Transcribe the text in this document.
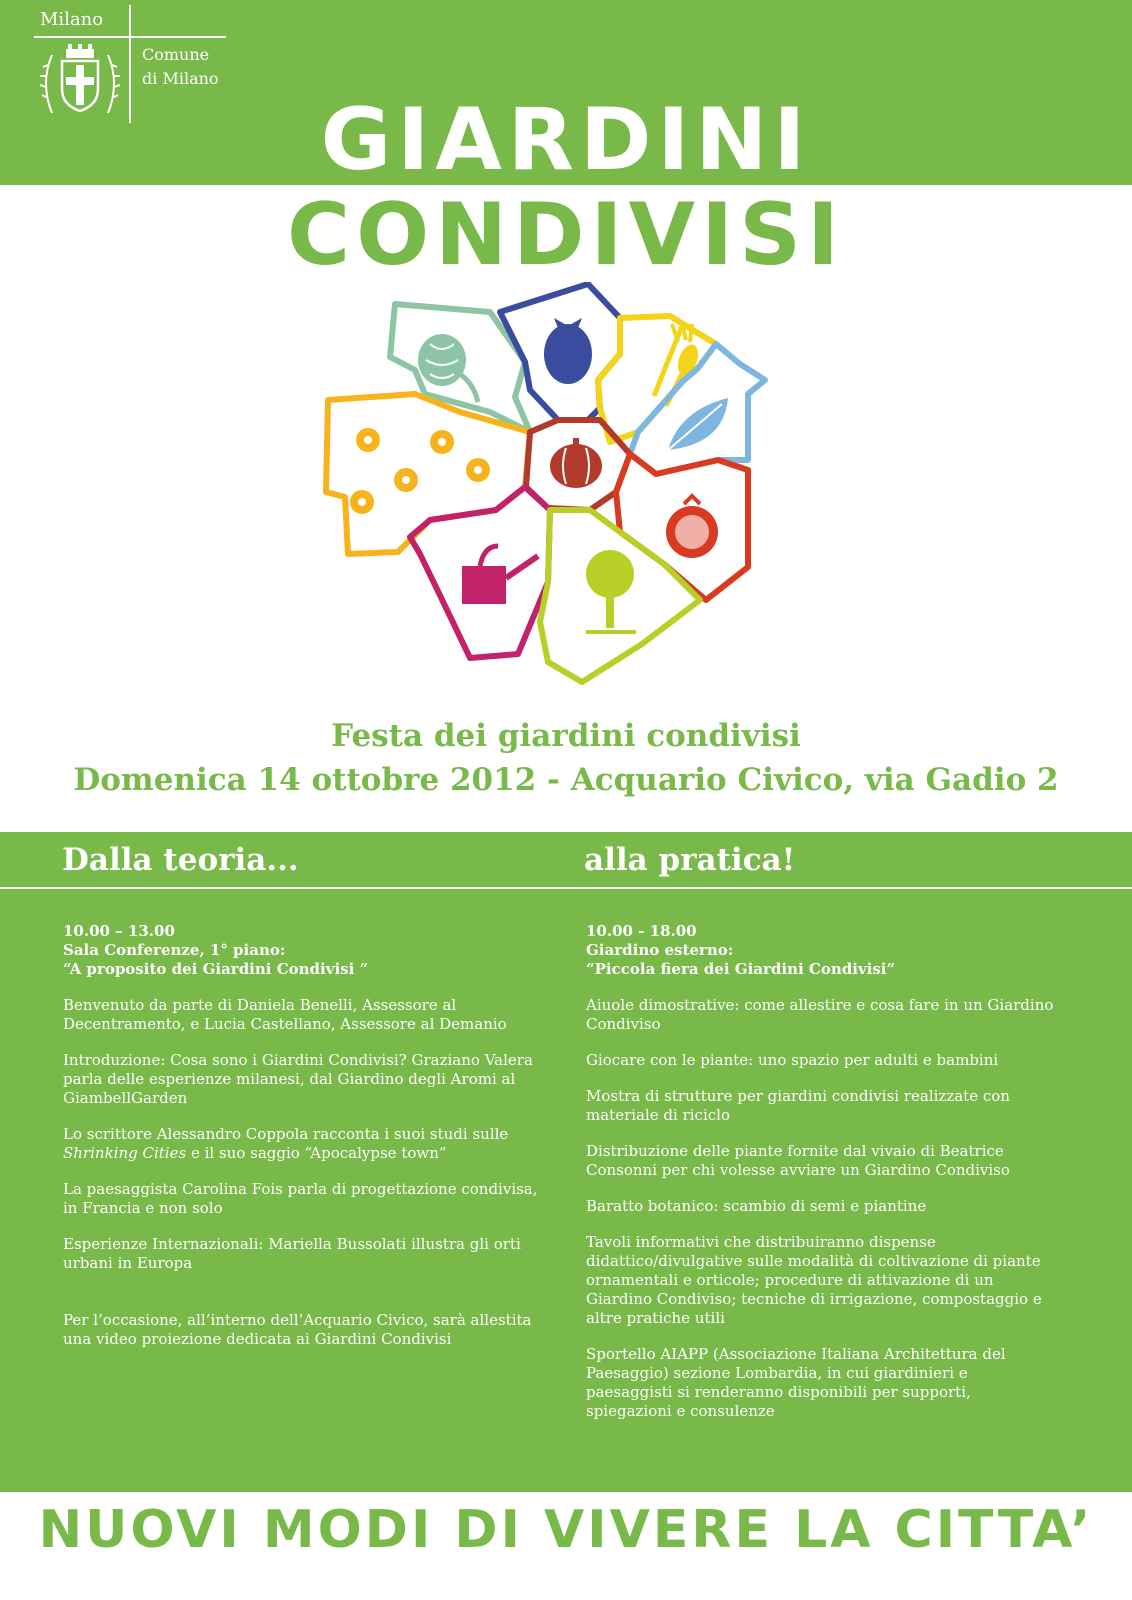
Milano
Comune
di Milano
GIARDINI
CONDIVISI
Festa dei giardini condivisi
Domenica 14 ottobre 2012 - Acquario Civico, via Gadio 2
Dalla teoria...	alla pratica!
10.00 – 13.00
Sala Conferenze, 1° piano:
“A proposito dei Giardini Condivisi “
Benvenuto da parte di Daniela Benelli, Assessore al Decentramento, e Lucia Castellano, Assessore al Demanio
Introduzione: Cosa sono i Giardini Condivisi? Graziano Valera parla delle esperienze milanesi, dal Giardino degli Aromi al GiambellGarden
Lo scrittore Alessandro Coppola racconta i suoi studi sulle Shrinking Cities e il suo saggio “Apocalypse town”
La paesaggista Carolina Fois parla di progettazione condivisa, in Francia e non solo
Esperienze Internazionali: Mariella Bussolati illustra gli orti urbani in Europa
Per l’occasione, all’interno dell’Acquario Civico, sarà allestita una video proiezione dedicata ai Giardini Condivisi
10.00 - 18.00
Giardino esterno:
“Piccola fiera dei Giardini Condivisi”
Aiuole dimostrative: come allestire e cosa fare in un Giardino Condiviso
Giocare con le piante: uno spazio per adulti e bambini
Mostra di strutture per giardini condivisi realizzate con materiale di riciclo
Distribuzione delle piante fornite dal vivaio di Beatrice Consonni per chi volesse avviare un Giardino Condiviso
Baratto botanico: scambio di semi e piantine
Tavoli informativi che distribuiranno dispense didattico/divulgative sulle modalità di coltivazione di piante ornamentali e orticole; procedure di attivazione di un Giardino Condiviso; tecniche di irrigazione, compostaggio e altre pratiche utili
Sportello AIAPP (Associazione Italiana Architettura del Paesaggio) sezione Lombardia, in cui giardinieri e paesaggisti si renderanno disponibili per supporti, spiegazioni e consulenze
NUOVI MODI DI VIVERE LA CITTA’
